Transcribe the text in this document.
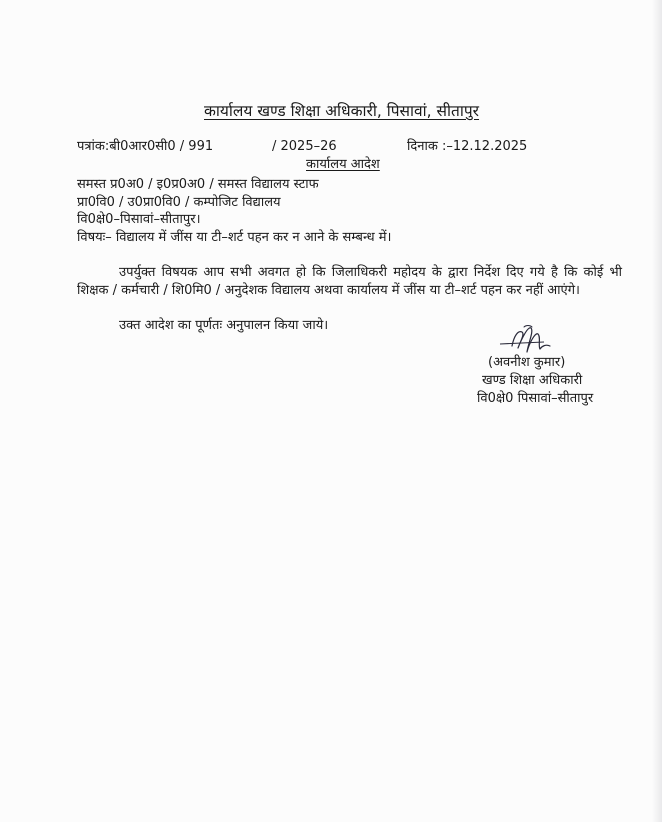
कार्यालय खण्ड शिक्षा अधिकारी, पिसावां, सीतापुर
पत्रांक:बी0आर0सी0 / 991	/ 2025–26	दिनाक :–12.12.2025
कार्यालय आदेश
समस्त प्र0अ0 / इ0प्र0अ0 / समस्त विद्यालय स्टाफ
प्रा0वि0 / उ0प्रा0वि0 / कम्पोजिट विद्यालय
वि0क्षे0–पिसावां–सीतापुर।
विषयः– विद्यालय में जींस या टी–शर्ट पहन कर न आने के सम्बन्ध में।
उपर्युक्त विषयक आप सभी अवगत हो कि जिलाधिकरी महोदय के द्वारा निर्देश दिए गये है कि कोई भी शिक्षक / कर्मचारी / शि0मि0 / अनुदेशक विद्यालय अथवा कार्यालय में जींस या टी–शर्ट पहन कर नहीं आएंगे।
उक्त आदेश का पूर्णतः अनुपालन किया जाये।
(अवनीश कुमार)
खण्ड शिक्षा अधिकारी
वि0क्षे0 पिसावां–सीतापुर
